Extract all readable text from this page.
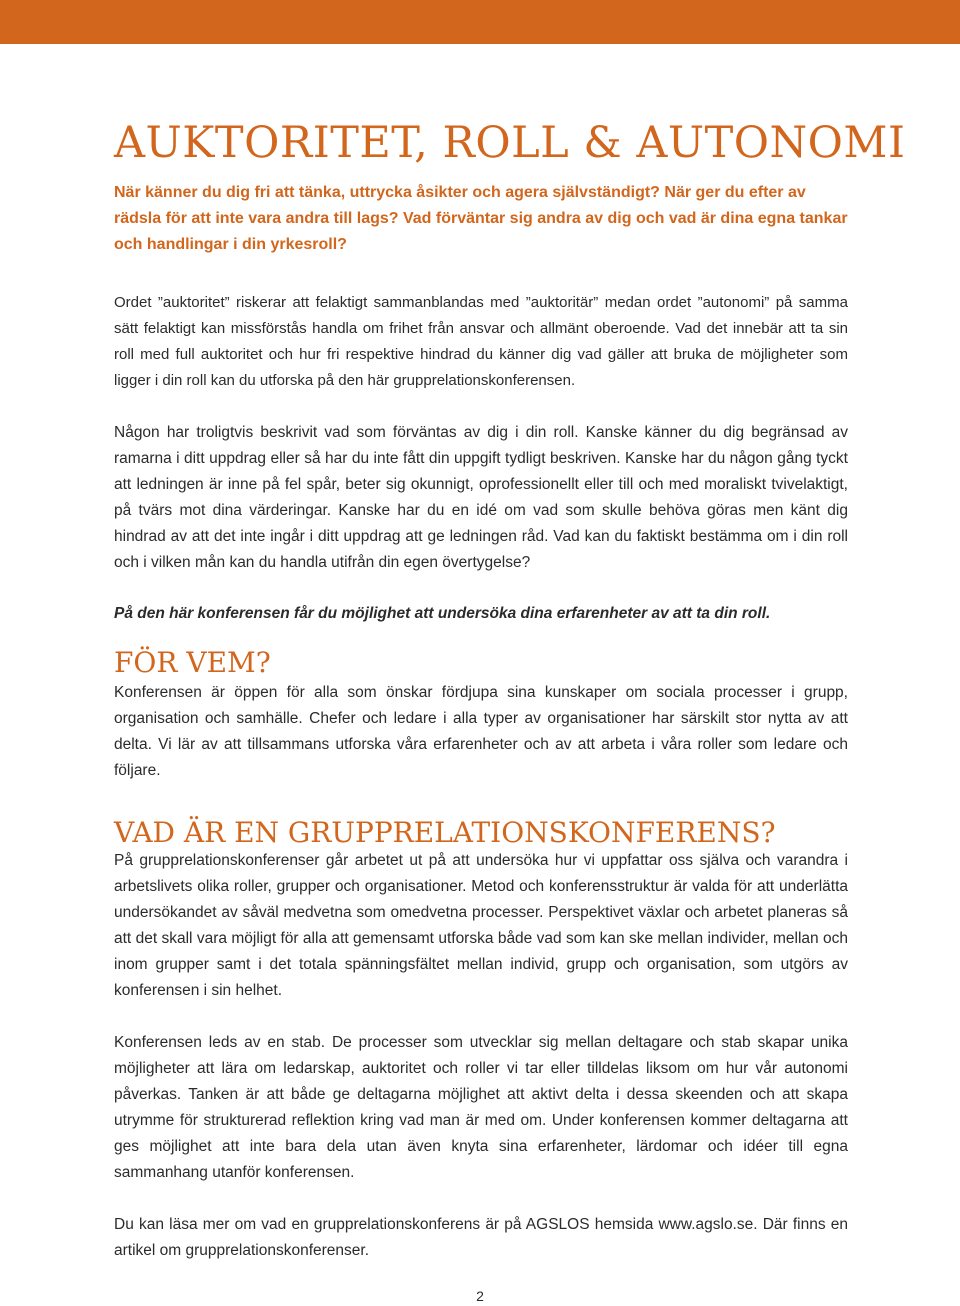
AUKTORITET, ROLL & AUTONOMI

När känner du dig fri att tänka, uttrycka åsikter och agera självständigt? När ger du efter av rädsla för att inte vara andra till lags? Vad förväntar sig andra av dig och vad är dina egna tankar och handlingar i din yrkesroll?

Ordet ”auktoritet” riskerar att felaktigt sammanblandas med ”auktoritär” medan ordet ”autonomi” på samma sätt felaktigt kan missförstås handla om frihet från ansvar och allmänt oberoende. Vad det innebär att ta sin roll med full auktoritet och hur fri respektive hindrad du känner dig vad gäller att bruka de möjligheter som ligger i din roll kan du utforska på den här grupprelationskonferensen.

Någon har troligtvis beskrivit vad som förväntas av dig i din roll. Kanske känner du dig begränsad av ramarna i ditt uppdrag eller så har du inte fått din uppgift tydligt beskriven. Kanske har du någon gång tyckt att ledningen är inne på fel spår, beter sig okunnigt, oprofessionellt eller till och med moraliskt tvivelaktigt, på tvärs mot dina värderingar. Kanske har du en idé om vad som skulle behöva göras men känt dig hindrad av att det inte ingår i ditt uppdrag att ge ledningen råd. Vad kan du faktiskt bestämma om i din roll och i vilken mån kan du handla utifrån din egen övertygelse?

På den här konferensen får du möjlighet att undersöka dina erfarenheter av att ta din roll.

FÖR VEM?

Konferensen är öppen för alla som önskar fördjupa sina kunskaper om sociala processer i grupp, organisation och samhälle. Chefer och ledare i alla typer av organisationer har särskilt stor nytta av att delta. Vi lär av att tillsammans utforska våra erfarenheter och av att arbeta i våra roller som ledare och följare.

VAD ÄR EN GRUPPRELATIONSKONFERENS?

På grupprelationskonferenser går arbetet ut på att undersöka hur vi uppfattar oss själva och varandra i arbetslivets olika roller, grupper och organisationer. Metod och konferensstruktur är valda för att underlätta undersökandet av såväl medvetna som omedvetna processer. Perspektivet växlar och arbetet planeras så att det skall vara möjligt för alla att gemensamt utforska både vad som kan ske mellan individer, mellan och inom grupper samt i det totala spänningsfältet mellan individ, grupp och organisation, som utgörs av konferensen i sin helhet.

Konferensen leds av en stab. De processer som utvecklar sig mellan deltagare och stab skapar unika möjligheter att lära om ledarskap, auktoritet och roller vi tar eller tilldelas liksom om hur vår autonomi påverkas. Tanken är att både ge deltagarna möjlighet att aktivt delta i dessa skeenden och att skapa utrymme för strukturerad reflektion kring vad man är med om. Under konferensen kommer deltagarna att ges möjlighet att inte bara dela utan även knyta sina erfarenheter, lärdomar och idéer till egna sammanhang utanför konferensen.

Du kan läsa mer om vad en grupprelationskonferens är på AGSLOS hemsida www.agslo.se. Där finns en artikel om grupprelationskonferenser.

2
